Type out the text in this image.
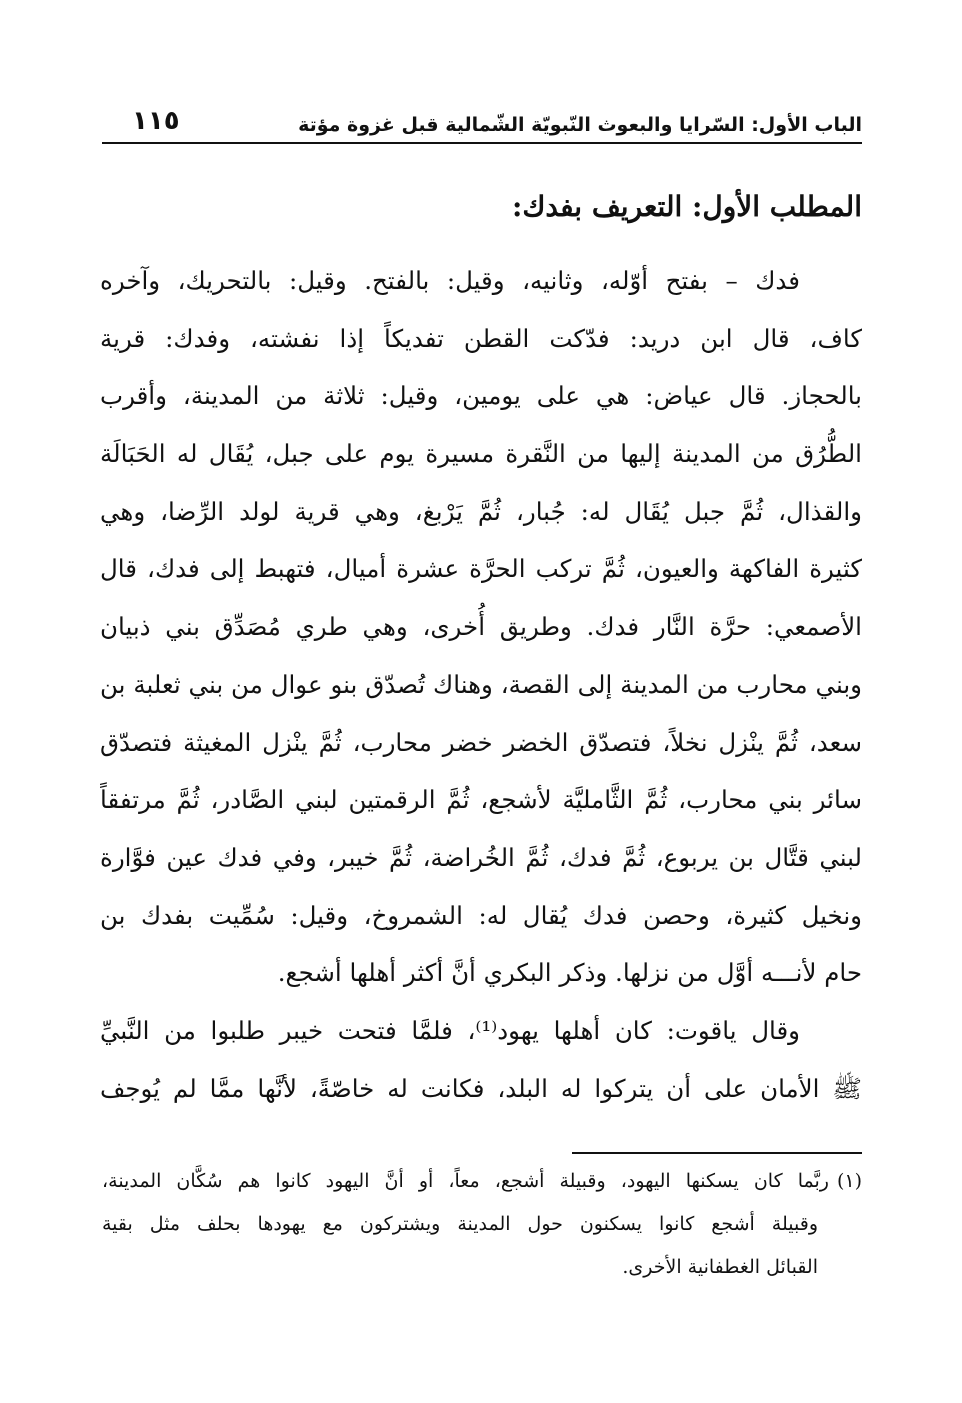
الباب الأول: السّرايا والبعوث النّبويّة الشّمالية قبل غزوة مؤتة
١١٥
المطلب الأول: التعريف بفدك:
فدك – بفتح أوّله، وثانيه، وقيل: بالفتح. وقيل: بالتحريك، وآخره
كاف، قال ابن دريد: فدّكت القطن تفديكاً إذا نفشته، وفدك: قرية
بالحجاز. قال عياض: هي على يومين، وقيل: ثلاثة من المدينة، وأقرب
الطُّرُق من المدينة إليها من النَّقرة مسيرة يوم على جبل، يُقَال له الحَبَالَة
والقذال، ثُمَّ جبل يُقَال له: جُبار، ثُمَّ يَرْبغ، وهي قرية لولد الرِّضا، وهي
كثيرة الفاكهة والعيون، ثُمَّ تركب الحرَّة عشرة أميال، فتهبط إلى فدك، قال
الأصمعي: حرَّة النَّار فدك. وطريق أُخرى، وهي طري مُصَدِّق بني ذبيان
وبني محارب من المدينة إلى القصة، وهناك تُصدّق بنو عوال من بني ثعلبة بن
سعد، ثُمَّ ينْزل نخلاً، فتصدّق الخضر خضر محارب، ثُمَّ ينْزل المغيثة فتصدّق
سائر بني محارب، ثُمَّ الثَّامليَّة لأشجع، ثُمَّ الرقمتين لبني الصَّادر، ثُمَّ مرتفقاً
لبني قتَّال بن يربوع، ثُمَّ فدك، ثُمَّ الخُراضة، ثُمَّ خيبر، وفي فدك عين فوَّارة
ونخيل كثيرة، وحصن فدك يُقال له: الشمروخ، وقيل: سُمِّيت بفدك بن
حام لأنـــه أوَّل من نزلها. وذكر البكري أنَّ أكثر أهلها أشجع.
وقال ياقوت: كان أهلها يهود⁽¹⁾، فلمَّا فتحت خيبر طلبوا من النَّبيِّ
ﷺ الأمان على أن يتركوا له البلد، فكانت له خاصّةً، لأنَّها ممَّا لم يُوجف
(١)ربَّما كان يسكنها اليهود، وقبيلة أشجع، معاً، أو أنَّ اليهود كانوا هم سُكَّان المدينة،
وقبيلة أشجع كانوا يسكنون حول المدينة ويشتركون مع يهودها بحلف مثل بقية
القبائل الغطفانية الأخرى.
